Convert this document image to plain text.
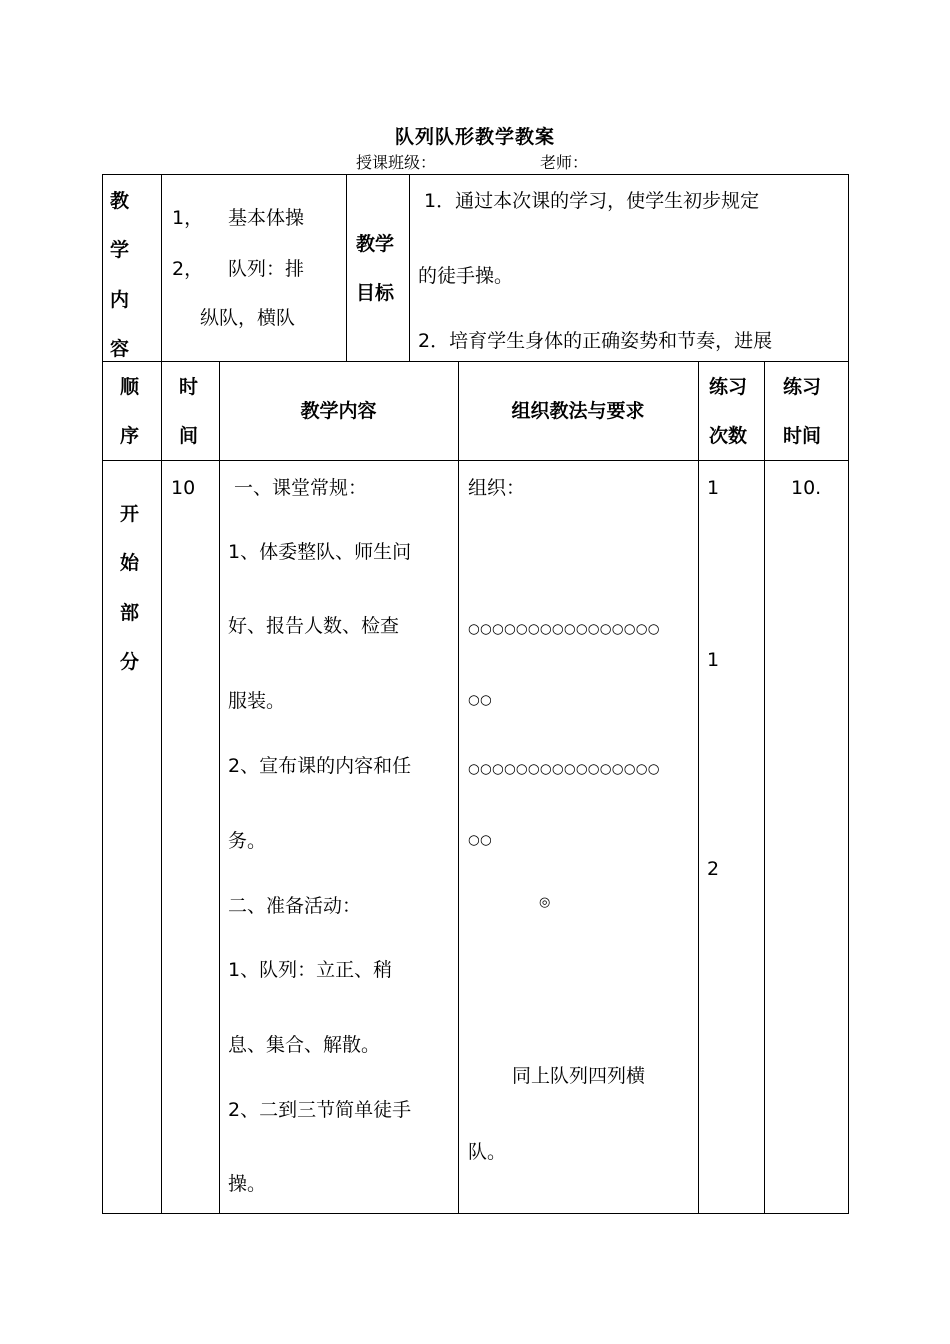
队列队形教学教案
授课班级：	老师：
教
学
内
容
1， 基本体操
2， 队列：排
纵队，横队
教学
目标
1．通过本次课的学习，使学生初步规定
的徒手操。
2．培育学生身体的正确姿势和节奏，进展
顺
序
时
间
教学内容	组织教法与要求
练习
次数
练习
时间
开
始
部
分
10 一、课堂常规：
1、体委整队、师生问
好、报告人数、检查
服装。
2、宣布课的内容和任
务。
二、准备活动：
1、队列：立正、稍
息、集合、解散。
2、二到三节简单徒手
操。
组织：
○○○○○○○○○○○○○○○○
○○
○○○○○○○○○○○○○○○○
○○
◎
同上队列四列横
队。
1
1
2
10.
